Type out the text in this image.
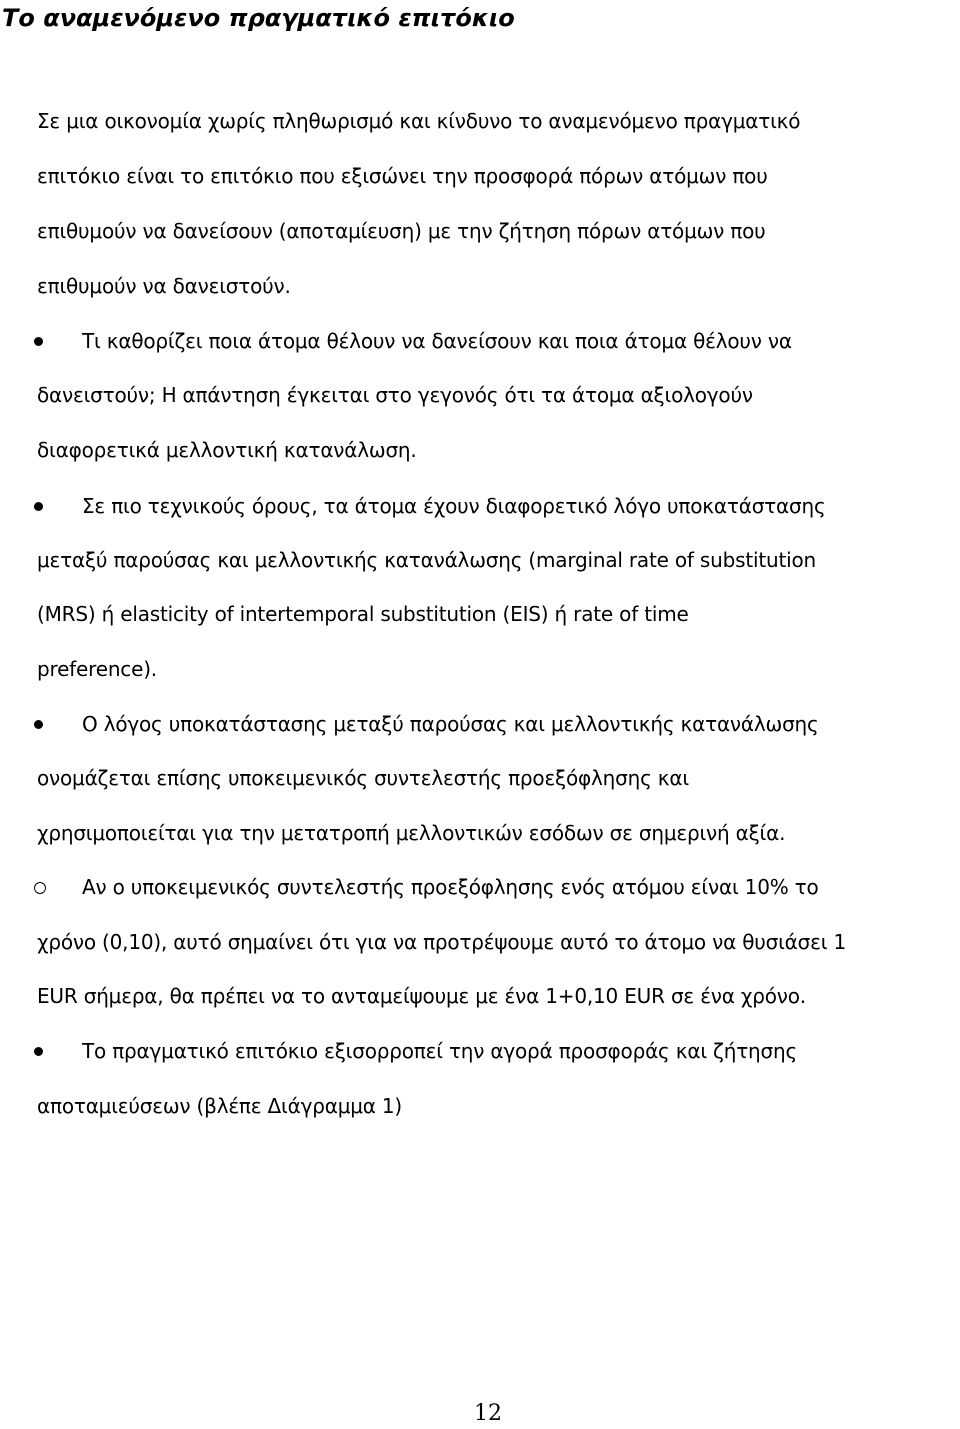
Το αναμενόμενο πραγματικό επιτόκιο
Σε μια οικονομία χωρίς πληθωρισμό και κίνδυνο το αναμενόμενο πραγματικό
επιτόκιο είναι το επιτόκιο που εξισώνει την προσφορά πόρων ατόμων που
επιθυμούν να δανείσουν (αποταμίευση) με την ζήτηση πόρων ατόμων που
επιθυμούν να δανειστούν.
Τι καθορίζει ποια άτομα θέλουν να δανείσουν και ποια άτομα θέλουν να
δανειστούν; Η απάντηση έγκειται στο γεγονός ότι τα άτομα αξιολογούν
διαφορετικά μελλοντική κατανάλωση.
Σε πιο τεχνικούς όρους, τα άτομα έχουν διαφορετικό λόγο υποκατάστασης
μεταξύ παρούσας και μελλοντικής κατανάλωσης (marginal rate of substitution
(MRS) ή elasticity of intertemporal substitution (EIS) ή rate of time
preference).
Ο λόγος υποκατάστασης μεταξύ παρούσας και μελλοντικής κατανάλωσης
ονομάζεται επίσης υποκειμενικός συντελεστής προεξόφλησης και
χρησιμοποιείται για την μετατροπή μελλοντικών εσόδων σε σημερινή αξία.
Αν ο υποκειμενικός συντελεστής προεξόφλησης ενός ατόμου είναι 10% το
χρόνο (0,10), αυτό σημαίνει ότι για να προτρέψουμε αυτό το άτομο να θυσιάσει 1
EUR σήμερα, θα πρέπει να το ανταμείψουμε με ένα 1+0,10 EUR σε ένα χρόνο.
Το πραγματικό επιτόκιο εξισορροπεί την αγορά προσφοράς και ζήτησης
αποταμιεύσεων (βλέπε Διάγραμμα 1)
12
